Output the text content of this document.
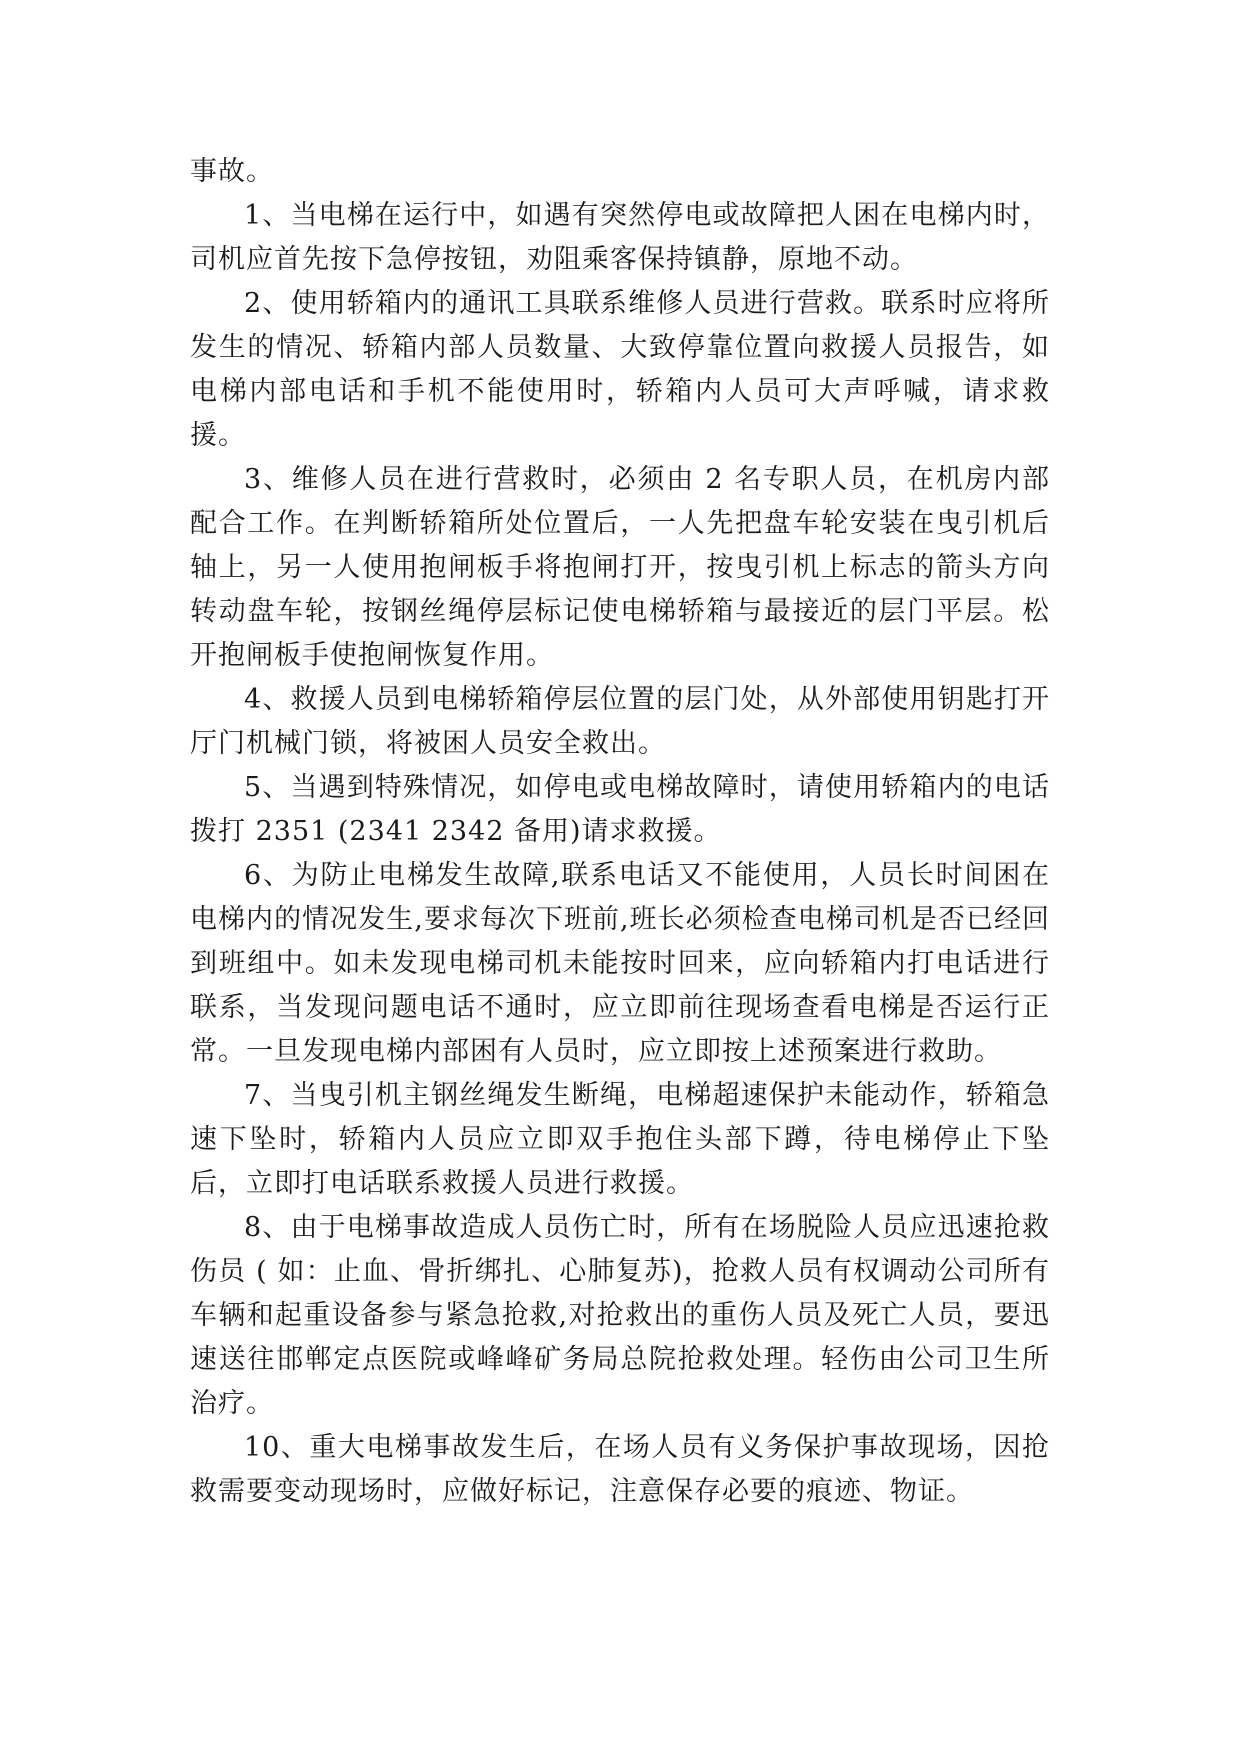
事故。

1、当电梯在运行中，如遇有突然停电或故障把人困在电梯内时，司机应首先按下急停按钮，劝阻乘客保持镇静，原地不动。

2、使用轿箱内的通讯工具联系维修人员进行营救。联系时应将所发生的情况、轿箱内部人员数量、大致停靠位置向救援人员报告，如电梯内部电话和手机不能使用时，轿箱内人员可大声呼喊，请求救援。

3、维修人员在进行营救时，必须由 2 名专职人员，在机房内部配合工作。在判断轿箱所处位置后，一人先把盘车轮安装在曳引机后轴上，另一人使用抱闸板手将抱闸打开，按曳引机上标志的箭头方向转动盘车轮，按钢丝绳停层标记使电梯轿箱与最接近的层门平层。松开抱闸板手使抱闸恢复作用。

4、救援人员到电梯轿箱停层位置的层门处，从外部使用钥匙打开厅门机械门锁，将被困人员安全救出。

5、当遇到特殊情况，如停电或电梯故障时，请使用轿箱内的电话拨打 2351 (2341 2342 备用)请求救援。

6、为防止电梯发生故障,联系电话又不能使用，人员长时间困在电梯内的情况发生,要求每次下班前,班长必须检查电梯司机是否已经回到班组中。如未发现电梯司机未能按时回来，应向轿箱内打电话进行联系，当发现问题电话不通时，应立即前往现场查看电梯是否运行正常。一旦发现电梯内部困有人员时，应立即按上述预案进行救助。

7、当曳引机主钢丝绳发生断绳，电梯超速保护未能动作，轿箱急速下坠时，轿箱内人员应立即双手抱住头部下蹲，待电梯停止下坠后，立即打电话联系救援人员进行救援。

8、由于电梯事故造成人员伤亡时，所有在场脱险人员应迅速抢救伤员 ( 如：止血、骨折绑扎、心肺复苏)，抢救人员有权调动公司所有车辆和起重设备参与紧急抢救,对抢救出的重伤人员及死亡人员，要迅速送往邯郸定点医院或峰峰矿务局总院抢救处理。轻伤由公司卫生所治疗。

10、重大电梯事故发生后，在场人员有义务保护事故现场，因抢救需要变动现场时，应做好标记，注意保存必要的痕迹、物证。
